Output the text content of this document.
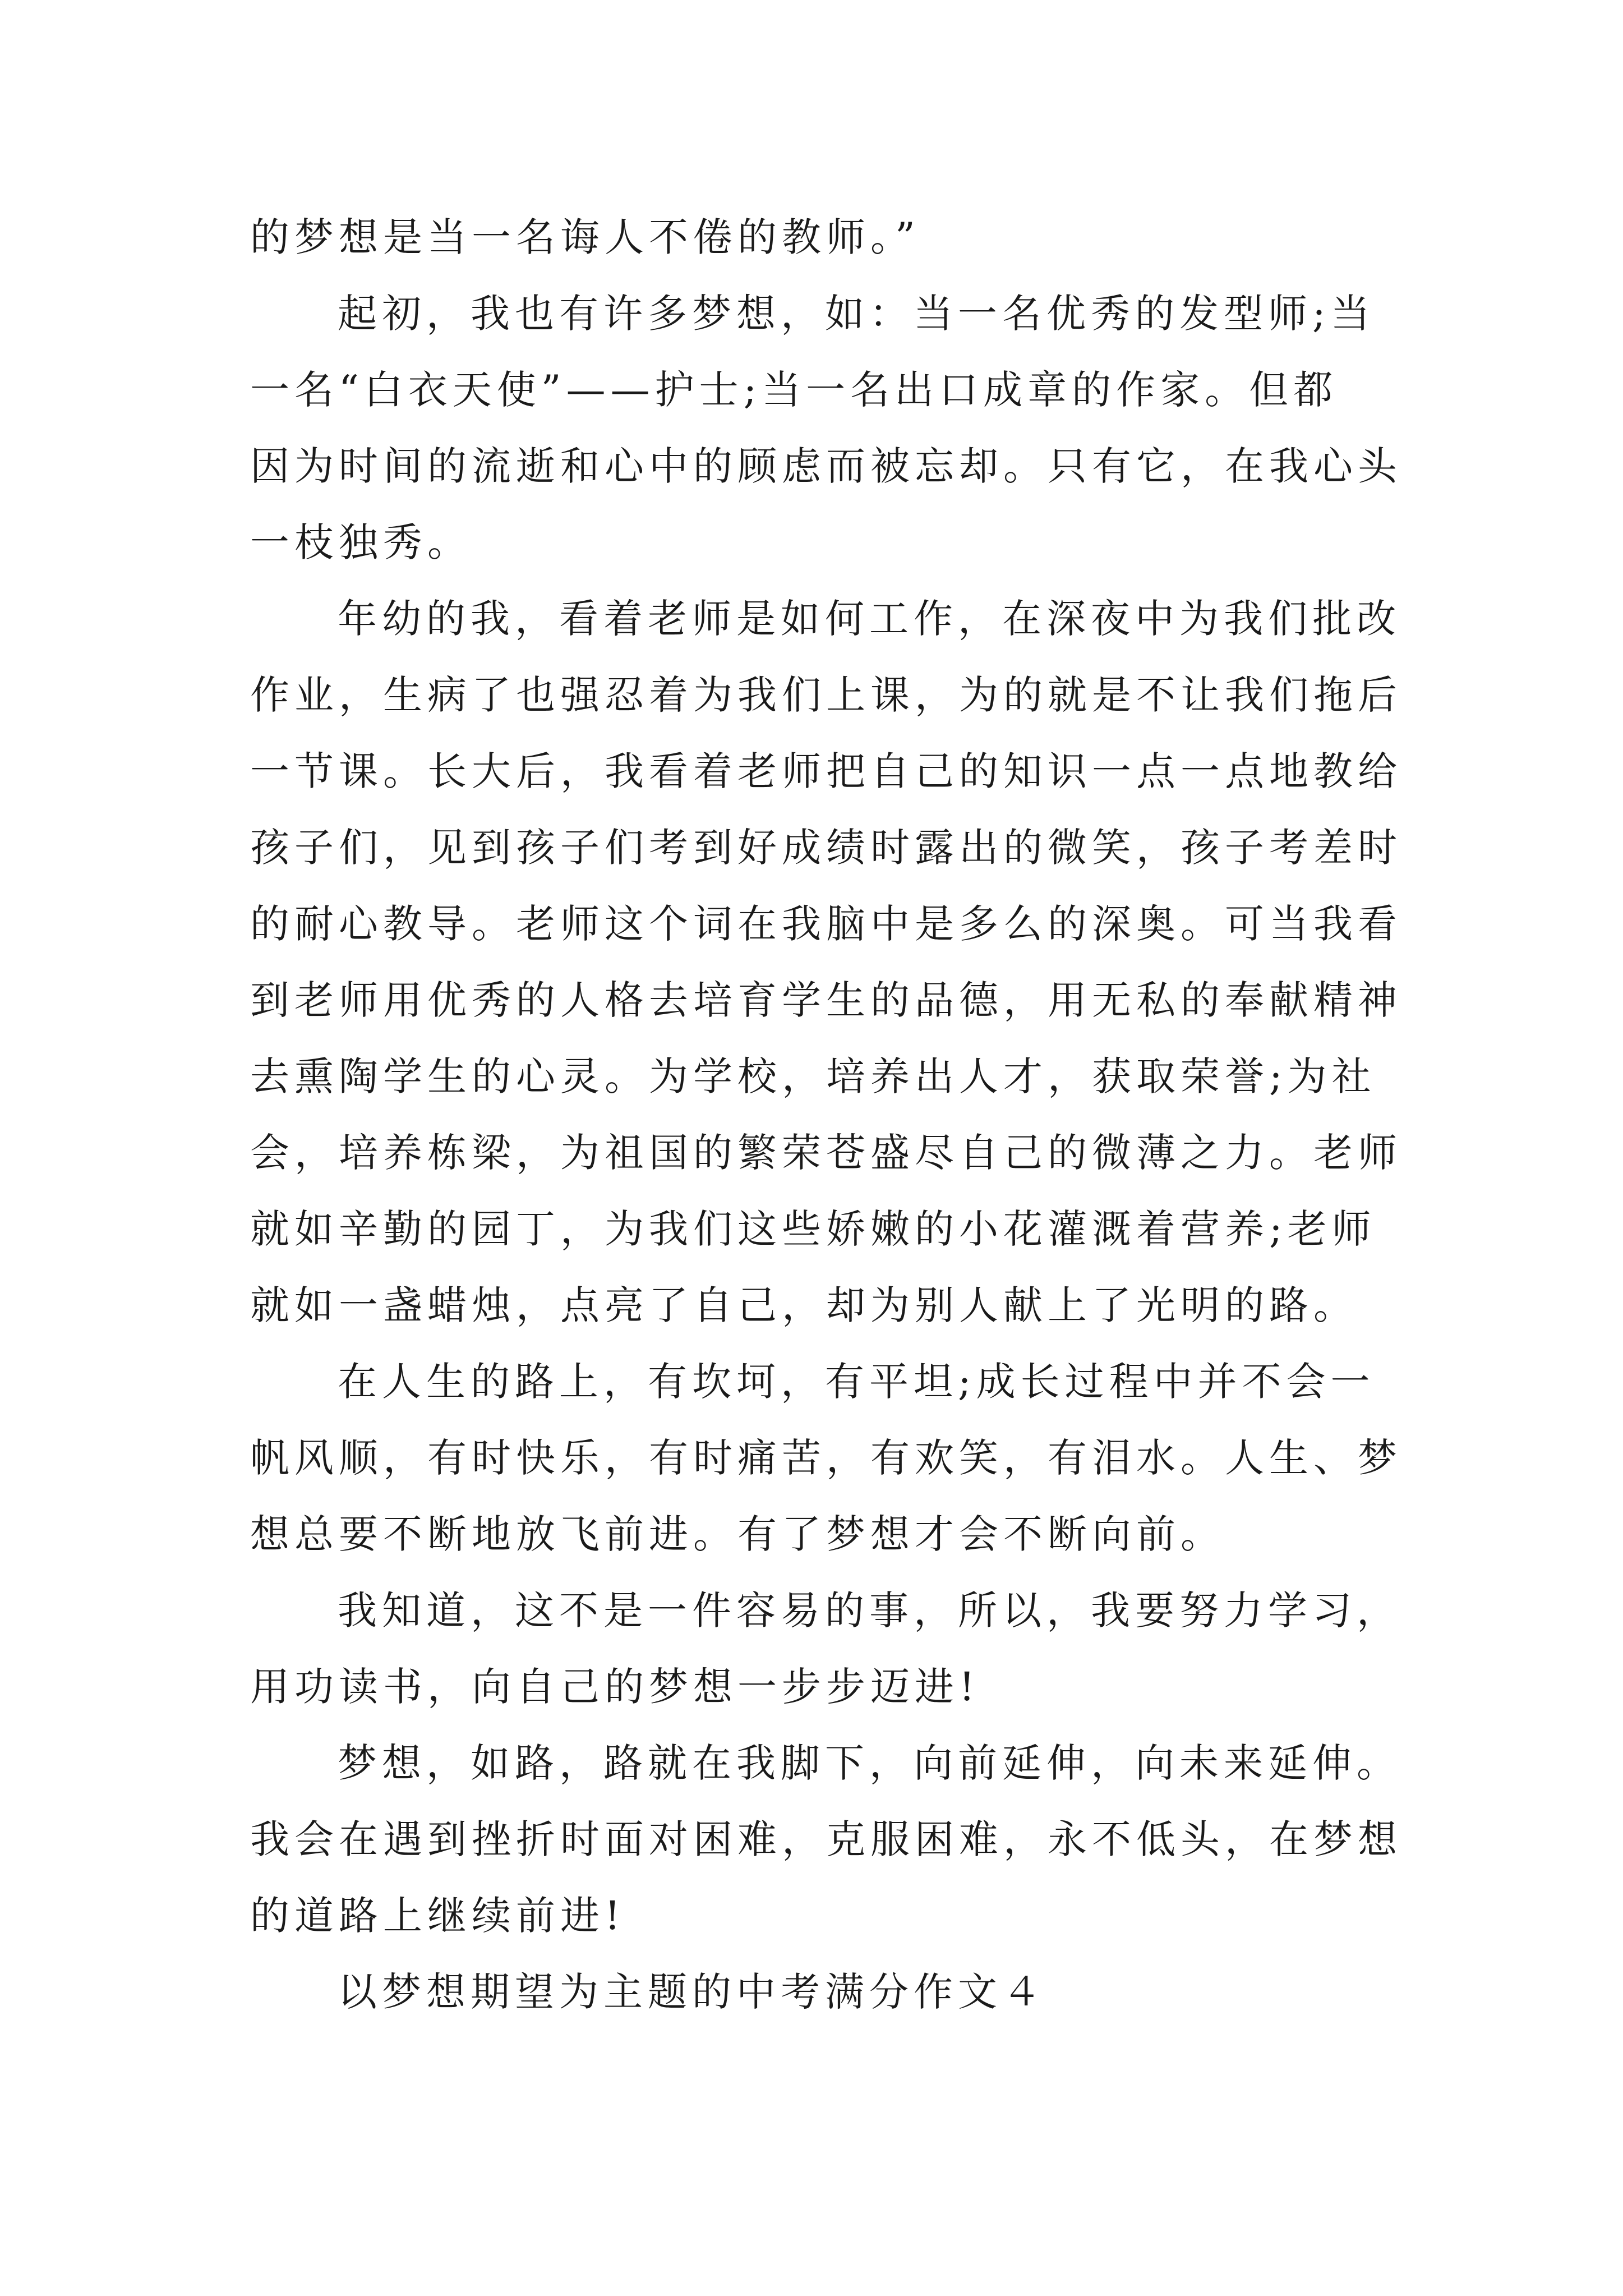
的梦想是当一名诲人不倦的教师。”
起初，我也有许多梦想，如：当一名优秀的发型师;当
一名“白衣天使”——护士;当一名出口成章的作家。但都
因为时间的流逝和心中的顾虑而被忘却。只有它，在我心头
一枝独秀。
年幼的我，看着老师是如何工作，在深夜中为我们批改
作业，生病了也强忍着为我们上课，为的就是不让我们拖后
一节课。长大后，我看着老师把自己的知识一点一点地教给
孩子们，见到孩子们考到好成绩时露出的微笑，孩子考差时
的耐心教导。老师这个词在我脑中是多么的深奥。可当我看
到老师用优秀的人格去培育学生的品德，用无私的奉献精神
去熏陶学生的心灵。为学校，培养出人才，获取荣誉;为社
会，培养栋梁，为祖国的繁荣苍盛尽自己的微薄之力。老师
就如辛勤的园丁，为我们这些娇嫩的小花灌溉着营养;老师
就如一盏蜡烛，点亮了自己，却为别人献上了光明的路。
在人生的路上，有坎坷，有平坦;成长过程中并不会一
帆风顺，有时快乐，有时痛苦，有欢笑，有泪水。人生、梦
想总要不断地放飞前进。有了梦想才会不断向前。
我知道，这不是一件容易的事，所以，我要努力学习，
用功读书，向自己的梦想一步步迈进!
梦想，如路，路就在我脚下，向前延伸，向未来延伸。
我会在遇到挫折时面对困难，克服困难，永不低头，在梦想
的道路上继续前进!
以梦想期望为主题的中考满分作文４
